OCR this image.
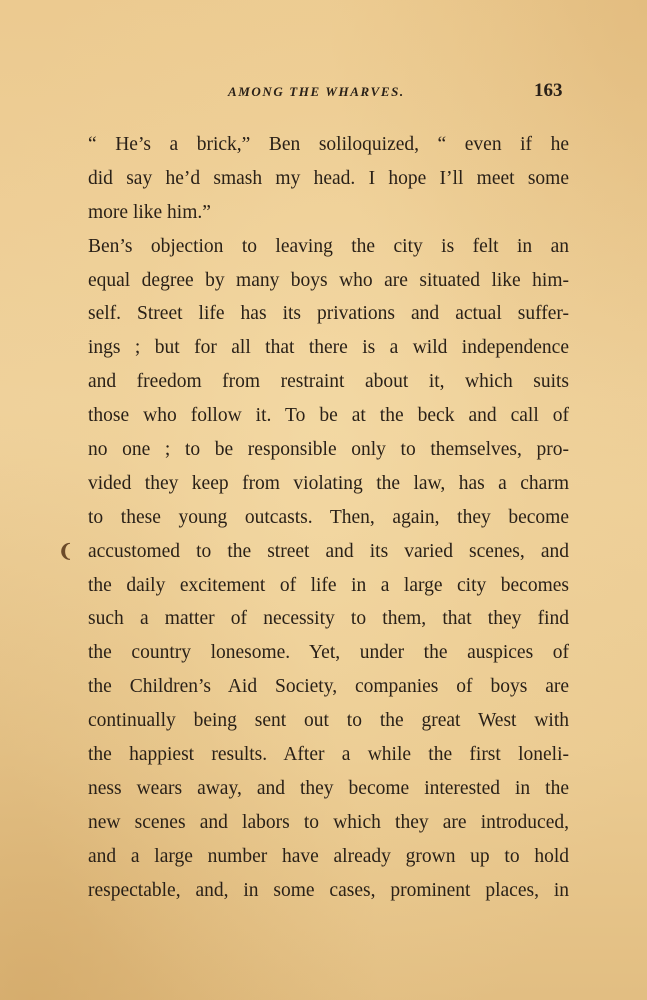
AMONG THE WHARVES.	163
❨
“ He’s a brick,” Ben soliloquized, “ even if he
did say he’d smash my head. I hope I’ll meet some
more like him.”
Ben’s objection to leaving the city is felt in an
equal degree by many boys who are situated like him-
self. Street life has its privations and actual suffer-
ings ; but for all that there is a wild independence
and freedom from restraint about it, which suits
those who follow it. To be at the beck and call of
no one ; to be responsible only to themselves, pro-
vided they keep from violating the law, has a charm
to these young outcasts. Then, again, they become
accustomed to the street and its varied scenes, and
the daily excitement of life in a large city becomes
such a matter of necessity to them, that they find
the country lonesome. Yet, under the auspices of
the Children’s Aid Society, companies of boys are
continually being sent out to the great West with
the happiest results. After a while the first loneli-
ness wears away, and they become interested in the
new scenes and labors to which they are introduced,
and a large number have already grown up to hold
respectable, and, in some cases, prominent places, in
